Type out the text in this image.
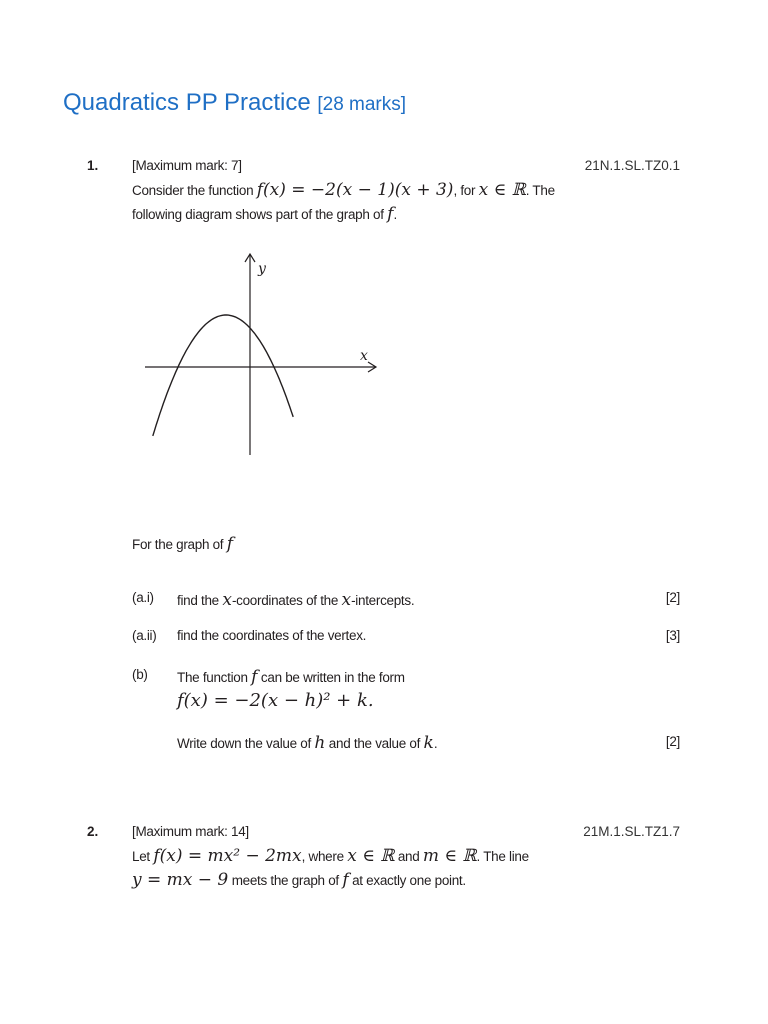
Quadratics PP Practice [28 marks]
1. [Maximum mark: 7]	21N.1.SL.TZ0.1
Consider the function f(x) = −2(x − 1)(x + 3), for x ∈ ℝ. The
following diagram shows part of the graph of f.
y
x
For the graph of f
(a.i) find the x-coordinates of the x-intercepts.	[2]
(a.ii) find the coordinates of the vertex.	[3]
(b) The function f can be written in the form
f(x) = −2(x − h)² + k.
Write down the value of h and the value of k.	[2]
2. [Maximum mark: 14]	21M.1.SL.TZ1.7
Let f(x) = mx² − 2mx, where x ∈ ℝ and m ∈ ℝ. The line
y = mx − 9 meets the graph of f at exactly one point.
